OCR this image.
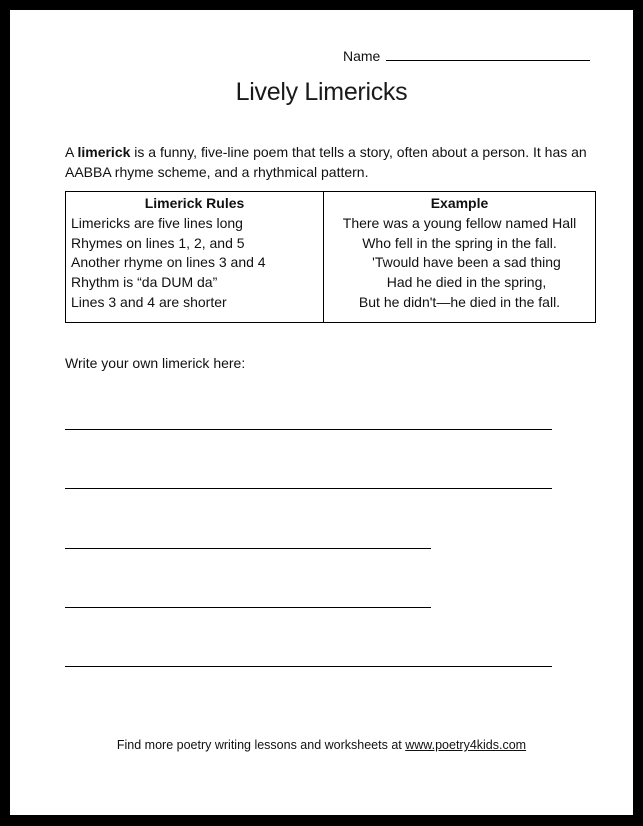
Name
Lively Limericks
A limerick is a funny, five-line poem that tells a story, often about a person. It has an AABBA rhyme scheme, and a rhythmical pattern.
Limerick Rules
Limericks are five lines long
Rhymes on lines 1, 2, and 5
Another rhyme on lines 3 and 4
Rhythm is “da DUM da”
Lines 3 and 4 are shorter
Example
There was a young fellow named Hall
Who fell in the spring in the fall.
'Twould have been a sad thing
Had he died in the spring,
But he didn't—he died in the fall.
Write your own limerick here:
Find more poetry writing lessons and worksheets at www.poetry4kids.com
